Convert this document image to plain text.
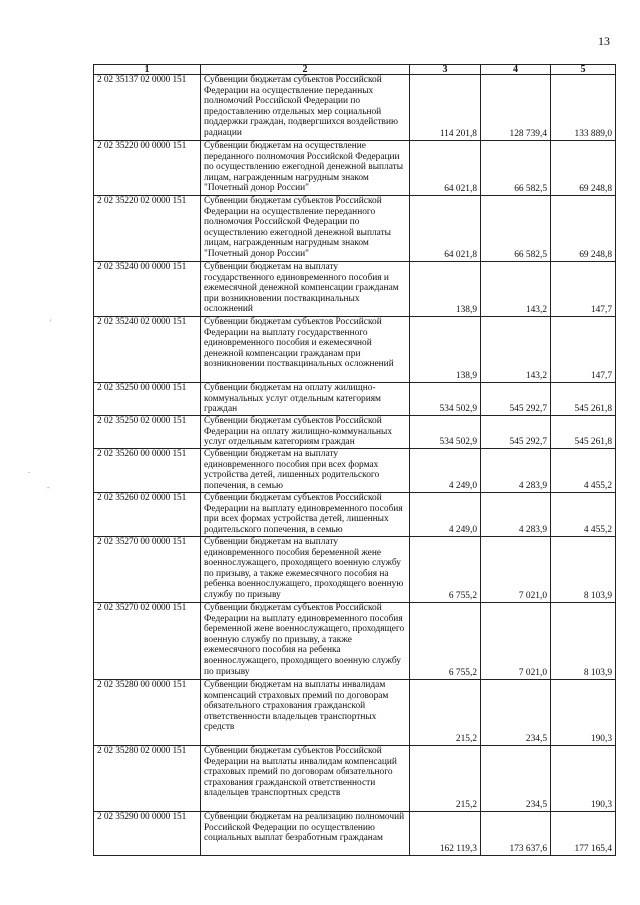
13
1	2	3	4	5
2 02 35137 02 0000 151	Субвенции бюджетам субъектов Российской Федерации на осуществление переданных полномочий Российской Федерации по предоставлению отдельных мер социальной поддержки граждан, подвергшихся воздействию радиации	114 201,8	128 739,4	133 889,0
2 02 35220 00 0000 151	Субвенции бюджетам на осуществление переданного полномочия Российской Федерации по осуществлению ежегодной денежной выплаты лицам, награжденным нагрудным знаком "Почетный донор России"	64 021,8	66 582,5	69 248,8
2 02 35220 02 0000 151	Субвенции бюджетам субъектов Российской Федерации на осуществление переданного полномочия Российской Федерации по осуществлению ежегодной денежной выплаты лицам, награжденным нагрудным знаком "Почетный донор России"	64 021,8	66 582,5	69 248,8
2 02 35240 00 0000 151	Субвенции бюджетам на выплату государственного единовременного пособия и ежемесячной денежной компенсации гражданам при возникновении поствакцинальных осложнений	138,9	143,2	147,7
2 02 35240 02 0000 151	Субвенции бюджетам субъектов Российской Федерации на выплату государственного единовременного пособия и ежемесячной денежной компенсации гражданам при возникновении поствакцинальных осложнений	138,9	143,2	147,7
2 02 35250 00 0000 151	Субвенции бюджетам на оплату жилищно-коммунальных услуг отдельным категориям граждан	534 502,9	545 292,7	545 261,8
2 02 35250 02 0000 151	Субвенции бюджетам субъектов Российской Федерации на оплату жилищно-коммунальных услуг отдельным категориям граждан	534 502,9	545 292,7	545 261,8
2 02 35260 00 0000 151	Субвенции бюджетам на выплату единовременного пособия при всех формах устройства детей, лишенных родительского попечения, в семью	4 249,0	4 283,9	4 455,2
2 02 35260 02 0000 151	Субвенции бюджетам субъектов Российской Федерации на выплату единовременного пособия при всех формах устройства детей, лишенных родительского попечения, в семью	4 249,0	4 283,9	4 455,2
2 02 35270 00 0000 151	Субвенции бюджетам на выплату единовременного пособия беременной жене военнослужащего, проходящего военную службу по призыву, а также ежемесячного пособия на ребенка военнослужащего, проходящего военную службу по призыву	6 755,2	7 021,0	8 103,9
2 02 35270 02 0000 151	Субвенции бюджетам субъектов Российской Федерации на выплату единовременного пособия беременной жене военнослужащего, проходящего военную службу по призыву, а также ежемесячного пособия на ребенка военнослужащего, проходящего военную службу по призыву	6 755,2	7 021,0	8 103,9
2 02 35280 00 0000 151	Субвенции бюджетам на выплаты инвалидам компенсаций страховых премий по договорам обязательного страхования гражданской ответственности владельцев транспортных средств	215,2	234,5	190,3
2 02 35280 02 0000 151	Субвенции бюджетам субъектов Российской Федерации на выплаты инвалидам компенсаций страховых премий по договорам обязательного страхования гражданской ответственности владельцев транспортных средств	215,2	234,5	190,3
2 02 35290 00 0000 151	Субвенции бюджетам на реализацию полномочий Российской Федерации по осуществлению социальных выплат безработным гражданам	162 119,3	173 637,6	177 165,4
'
.
-
